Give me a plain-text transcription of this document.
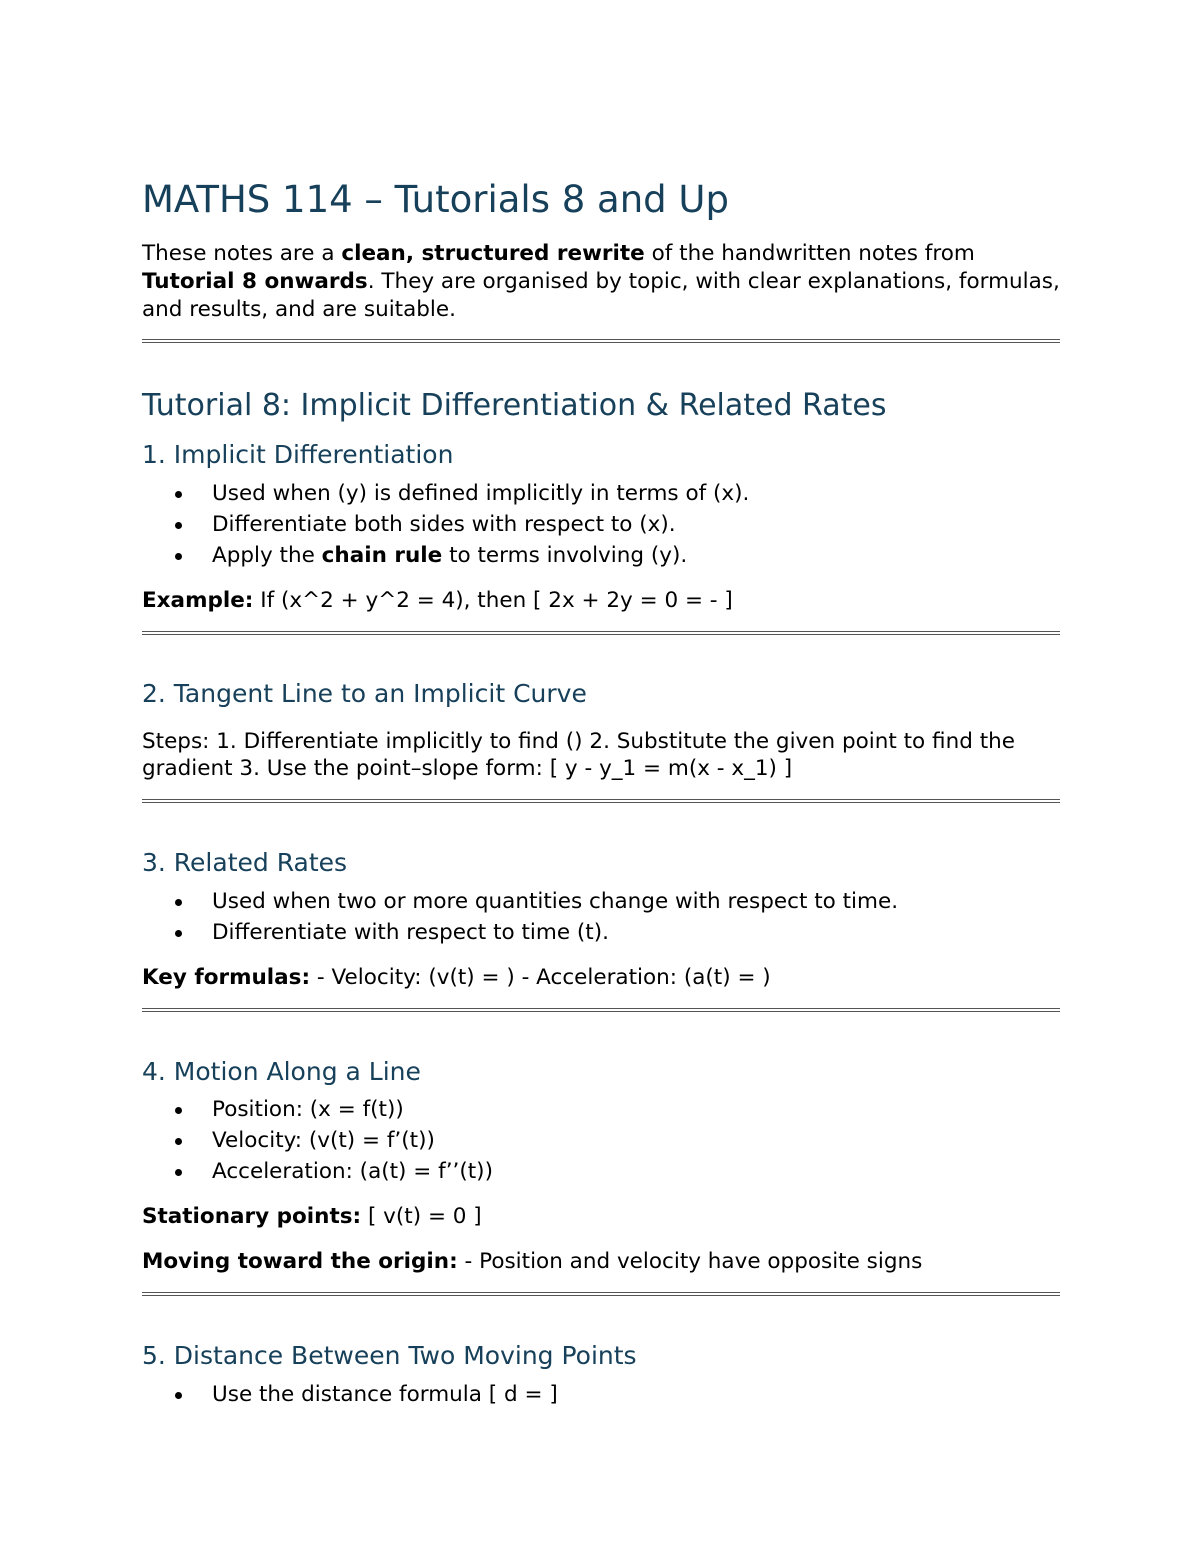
MATHS 114 – Tutorials 8 and Up

These notes are a clean, structured rewrite of the handwritten notes from Tutorial 8 onwards. They are organised by topic, with clear explanations, formulas, and results, and are suitable.

Tutorial 8: Implicit Differentiation & Related Rates
1. Implicit Differentiation
Used when (y) is defined implicitly in terms of (x).
Differentiate both sides with respect to (x).
Apply the chain rule to terms involving (y).

Example: If (x^2 + y^2 = 4), then [ 2x + 2y = 0 = - ]

2. Tangent Line to an Implicit Curve

Steps: 1. Differentiate implicitly to find () 2. Substitute the given point to find the gradient 3. Use the point–slope form: [ y - y_1 = m(x - x_1) ]

3. Related Rates
Used when two or more quantities change with respect to time.
Differentiate with respect to time (t).

Key formulas: - Velocity: (v(t) = ) - Acceleration: (a(t) = )

4. Motion Along a Line
Position: (x = f(t))
Velocity: (v(t) = f’(t))
Acceleration: (a(t) = f’’(t))

Stationary points: [ v(t) = 0 ]

Moving toward the origin: - Position and velocity have opposite signs

5. Distance Between Two Moving Points
Use the distance formula [ d = ]
